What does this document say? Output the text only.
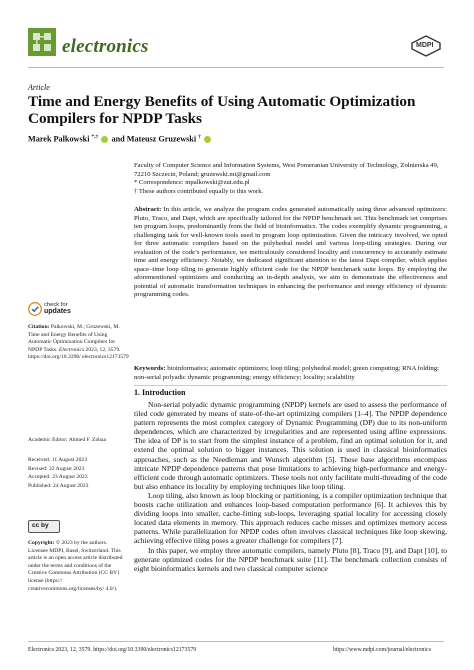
electronics	MDPI
Article
Time and Energy Benefits of Using Automatic Optimization Compilers for NPDP Tasks
Marek Palkowski *,† and Mateusz Gruzewski †
Faculty of Computer Science and Information Systems, West Pomeranian University of Technology, Zolnierska 49,
72210 Szczecin, Poland; gruzewski.mt@gmail.com
* Correspondence: mpalkowski@zut.edu.pl
† These authors contributed equally to this work.
Abstract: In this article, we analyze the program codes generated automatically using three advanced optimizers: Pluto, Traco, and Dapt, which are specifically tailored for the NPDP benchmark set. This benchmark set comprises ten program loops, predominantly from the field of bioinformatics. The codes exemplify dynamic programming, a challenging task for well-known tools used in program loop optimization. Given the intricacy involved, we opted for three automatic compilers based on the polyhedral model and various loop-tiling strategies. During our evaluation of the code’s performance, we meticulously considered locality and concurrency to accurately estimate time and energy efficiency. Notably, we dedicated significant attention to the latest Dapt compiler, which applies space–time loop tiling to generate highly efficient code for the NPDP benchmark suite loops. By employing the aforementioned optimizers and conducting an in-depth analysis, we aim to demonstrate the effectiveness and potential of automatic transformation techniques in enhancing the performance and energy efficiency of dynamic programming codes.
Keywords: bioinformatics; automatic optimizers; loop tiling; polyhedral model; green computing; RNA folding; non-serial polyadic dynamic programming; energy efficiency; locality; scalability
check for
updates
Citation: Palkowski, M.; Gruzewski, M. Time and Energy Benefits of Using Automatic Optimization Compilers for NPDP Tasks. Electronics 2023, 12, 3579. https://doi.org/10.3390/ electronics12173579
Academic Editor: Ahmed F. Zobaa
Received: 11 August 2023
Revised: 22 August 2023
Accepted: 23 August 2023
Published: 24 August 2023
cc by
Copyright: © 2023 by the authors. Licensee MDPI, Basel, Switzerland. This article is an open access article distributed under the terms and conditions of the Creative Commons Attribution (CC BY) license (https:// creativecommons.org/licenses/by/ 4.0/).
1. Introduction

Non-serial polyadic dynamic programming (NPDP) kernels are used to assess the performance of tiled code generated by means of state-of-the-art optimizing compilers [1–4]. The NPDP dependence pattern represents the most complex category of Dynamic Programming (DP) due to its non-uniform dependences, which are characterized by irregularities and are represented using affine expressions. The idea of DP is to start from the simplest instance of a problem, find an optimal solution for it, and extend the optimal solution to bigger instances. This solution is used in classical bioinformatics approaches, such as the Needleman and Wunsch algorithm [5]. These base algorithms encompass intricate NPDP dependence patterns that pose limitations to achieving high-performance and energy-efficient code through automatic optimizers. These tools not only facilitate multi-threading of the code but also enhance its locality by employing techniques like loop tiling.

Loop tiling, also known as loop blocking or partitioning, is a compiler optimization technique that boosts cache utilization and enhances loop-based computation performance [6]. It achieves this by dividing loops into smaller, cache-fitting sub-loops, leveraging spatial locality for accessing closely located data elements in memory. This approach reduces cache misses and optimizes memory access patterns. While parallelization for NPDP codes often involves classical techniques like loop skewing, achieving effective tiling poses a greater challenge for compilers [7].

In this paper, we employ three automatic compilers, namely Pluto [8], Traco [9], and Dapt [10], to generate optimized codes for the NPDP benchmark suite [11]. The benchmark collection consists of eight bioinformatics kernels and two classical computer science

Electronics 2023, 12, 3579. https://doi.org/10.3390/electronics12173579	https://www.mdpi.com/journal/electronics
